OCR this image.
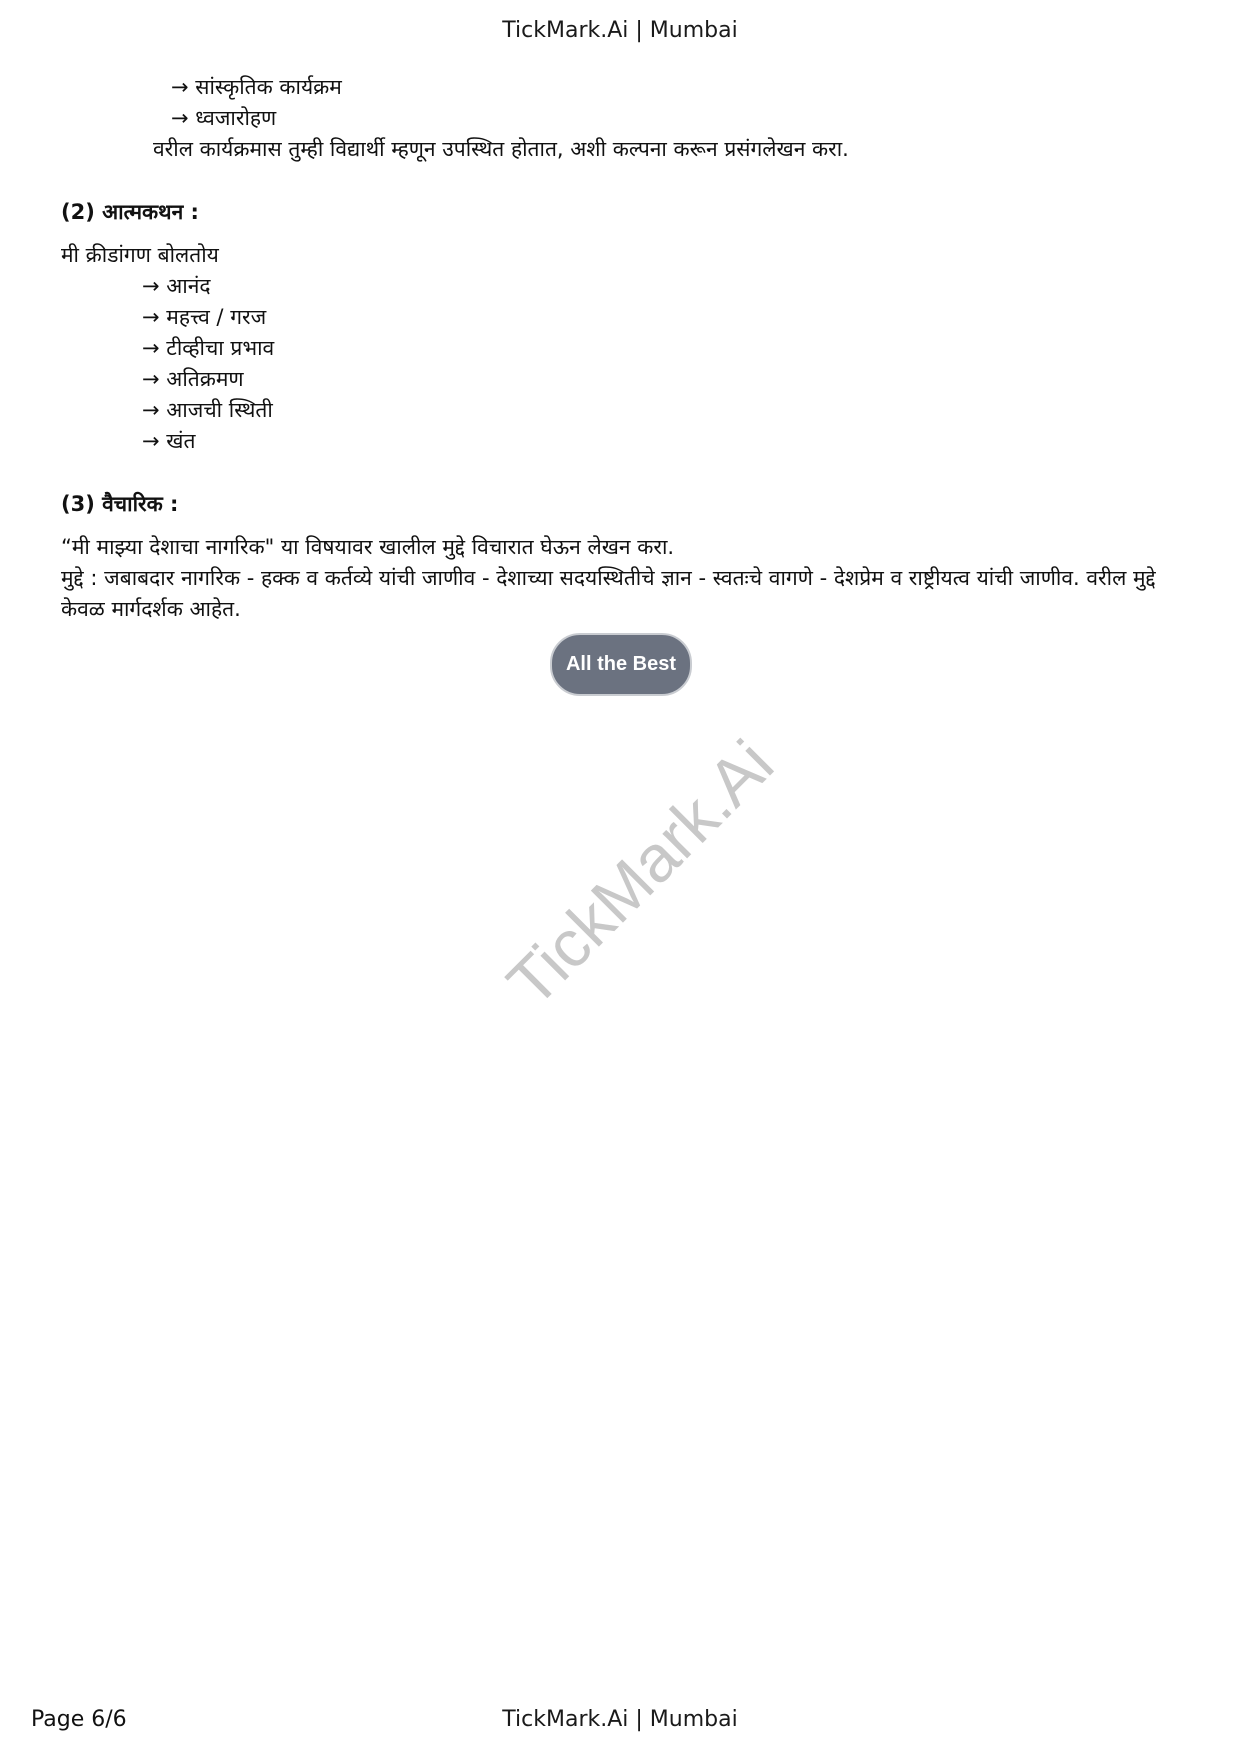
TickMark.Ai | Mumbai
→ सांस्कृतिक कार्यक्रम
→ ध्वजारोहण
वरील कार्यक्रमास तुम्ही विद्यार्थी म्हणून उपस्थित होतात, अशी कल्पना करून प्रसंगलेखन करा.
(2) आत्मकथन :
मी क्रीडांगण बोलतोय
→ आनंद
→ महत्त्व / गरज
→ टीव्हीचा प्रभाव
→ अतिक्रमण
→ आजची स्थिती
→ खंत
(3) वैचारिक :
“मी माझ्या देशाचा नागरिक" या विषयावर खालील मुद्दे विचारात घेऊन लेखन करा.
मुद्दे : जबाबदार नागरिक - हक्क व कर्तव्ये यांची जाणीव - देशाच्या सदयस्थितीचे ज्ञान - स्वतःचे वागणे - देशप्रेम व राष्ट्रीयत्व यांची जाणीव. वरील मुद्दे केवळ मार्गदर्शक आहेत.
All the Best
TickMark.Ai
Page 6/6	TickMark.Ai | Mumbai
